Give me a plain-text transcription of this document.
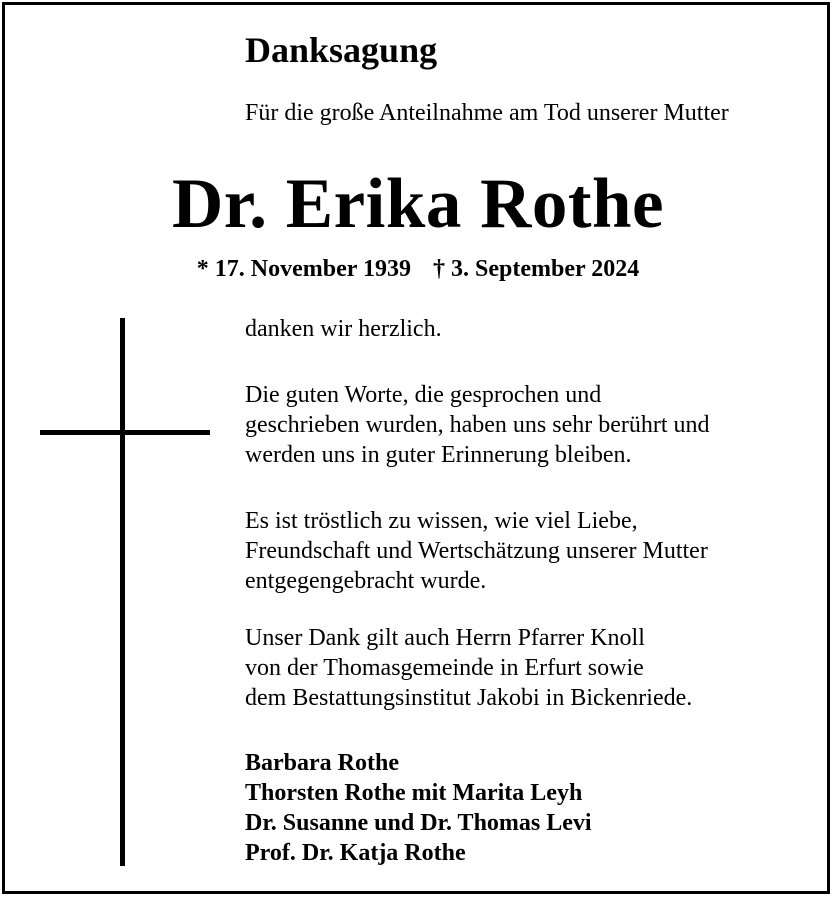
Danksagung
Für die große Anteilnahme am Tod unserer Mutter
Dr. Erika Rothe
* 17. November 1939 † 3. September 2024
danken wir herzlich.
Die guten Worte, die gesprochen und
geschrieben wurden, haben uns sehr berührt und
werden uns in guter Erinnerung bleiben.
Es ist tröstlich zu wissen, wie viel Liebe,
Freundschaft und Wertschätzung unserer Mutter
entgegengebracht wurde.
Unser Dank gilt auch Herrn Pfarrer Knoll
von der Thomasgemeinde in Erfurt sowie
dem Bestattungsinstitut Jakobi in Bickenriede.
Barbara Rothe
Thorsten Rothe mit Marita Leyh
Dr. Susanne und Dr. Thomas Levi
Prof. Dr. Katja Rothe
